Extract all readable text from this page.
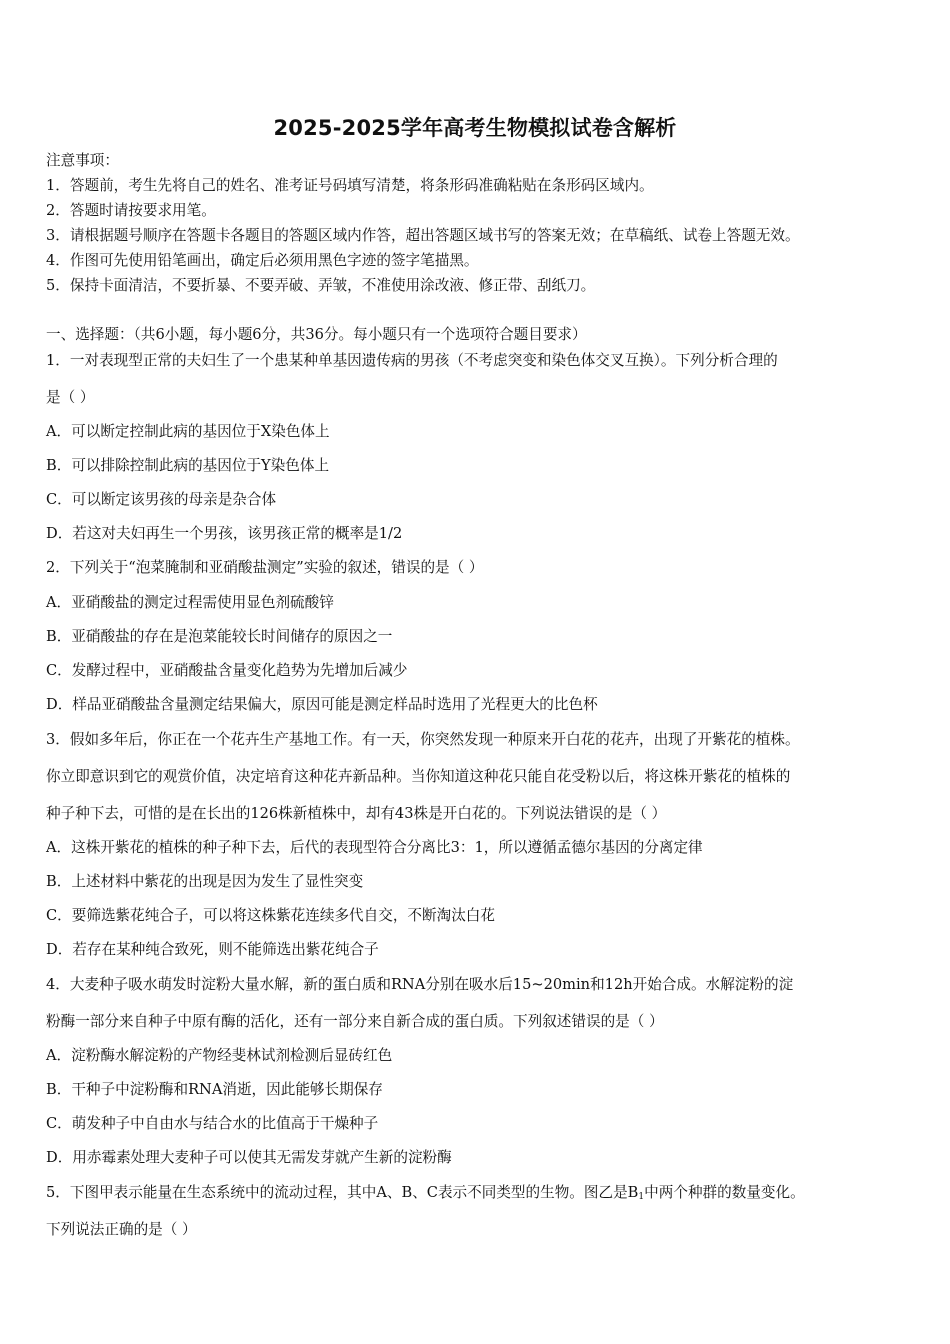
2025-2025学年高考生物模拟试卷含解析
注意事项：
1．答题前，考生先将自己的姓名、准考证号码填写清楚，将条形码准确粘贴在条形码区域内。
2．答题时请按要求用笔。
3．请根据题号顺序在答题卡各题目的答题区域内作答，超出答题区域书写的答案无效；在草稿纸、试卷上答题无效。
4．作图可先使用铅笔画出，确定后必须用黑色字迹的签字笔描黑。
5．保持卡面清洁，不要折暴、不要弄破、弄皱，不准使用涂改液、修正带、刮纸刀。
一、选择题：（共6小题，每小题6分，共36分。每小题只有一个选项符合题目要求）
1．一对表现型正常的夫妇生了一个患某种单基因遗传病的男孩（不考虑突变和染色体交叉互换）。下列分析合理的
是（ ）
A．可以断定控制此病的基因位于X染色体上
B．可以排除控制此病的基因位于Y染色体上
C．可以断定该男孩的母亲是杂合体
D．若这对夫妇再生一个男孩，该男孩正常的概率是1/2
2．下列关于“泡菜腌制和亚硝酸盐测定”实验的叙述，错误的是（ ）
A．亚硝酸盐的测定过程需使用显色剂硫酸锌
B．亚硝酸盐的存在是泡菜能较长时间储存的原因之一
C．发酵过程中，亚硝酸盐含量变化趋势为先增加后减少
D．样品亚硝酸盐含量测定结果偏大，原因可能是测定样品时选用了光程更大的比色杯
3．假如多年后，你正在一个花卉生产基地工作。有一天，你突然发现一种原来开白花的花卉，出现了开紫花的植株。
你立即意识到它的观赏价值，决定培育这种花卉新品种。当你知道这种花只能自花受粉以后，将这株开紫花的植株的
种子种下去，可惜的是在长出的126株新植株中，却有43株是开白花的。下列说法错误的是（ ）
A．这株开紫花的植株的种子种下去，后代的表现型符合分离比3：1，所以遵循孟德尔基因的分离定律
B．上述材料中紫花的出现是因为发生了显性突变
C．要筛选紫花纯合子，可以将这株紫花连续多代自交，不断淘汰白花
D．若存在某种纯合致死，则不能筛选出紫花纯合子
4．大麦种子吸水萌发时淀粉大量水解，新的蛋白质和RNA分别在吸水后15~20min和12h开始合成。水解淀粉的淀
粉酶一部分来自种子中原有酶的活化，还有一部分来自新合成的蛋白质。下列叙述错误的是（ ）
A．淀粉酶水解淀粉的产物经斐林试剂检测后显砖红色
B．干种子中淀粉酶和RNA消逝，因此能够长期保存
C．萌发种子中自由水与结合水的比值高于干燥种子
D．用赤霉素处理大麦种子可以使其无需发芽就产生新的淀粉酶
5．下图甲表示能量在生态系统中的流动过程，其中A、B、C表示不同类型的生物。图乙是$B_1$中两个种群的数量变化。
下列说法正确的是（ ）
